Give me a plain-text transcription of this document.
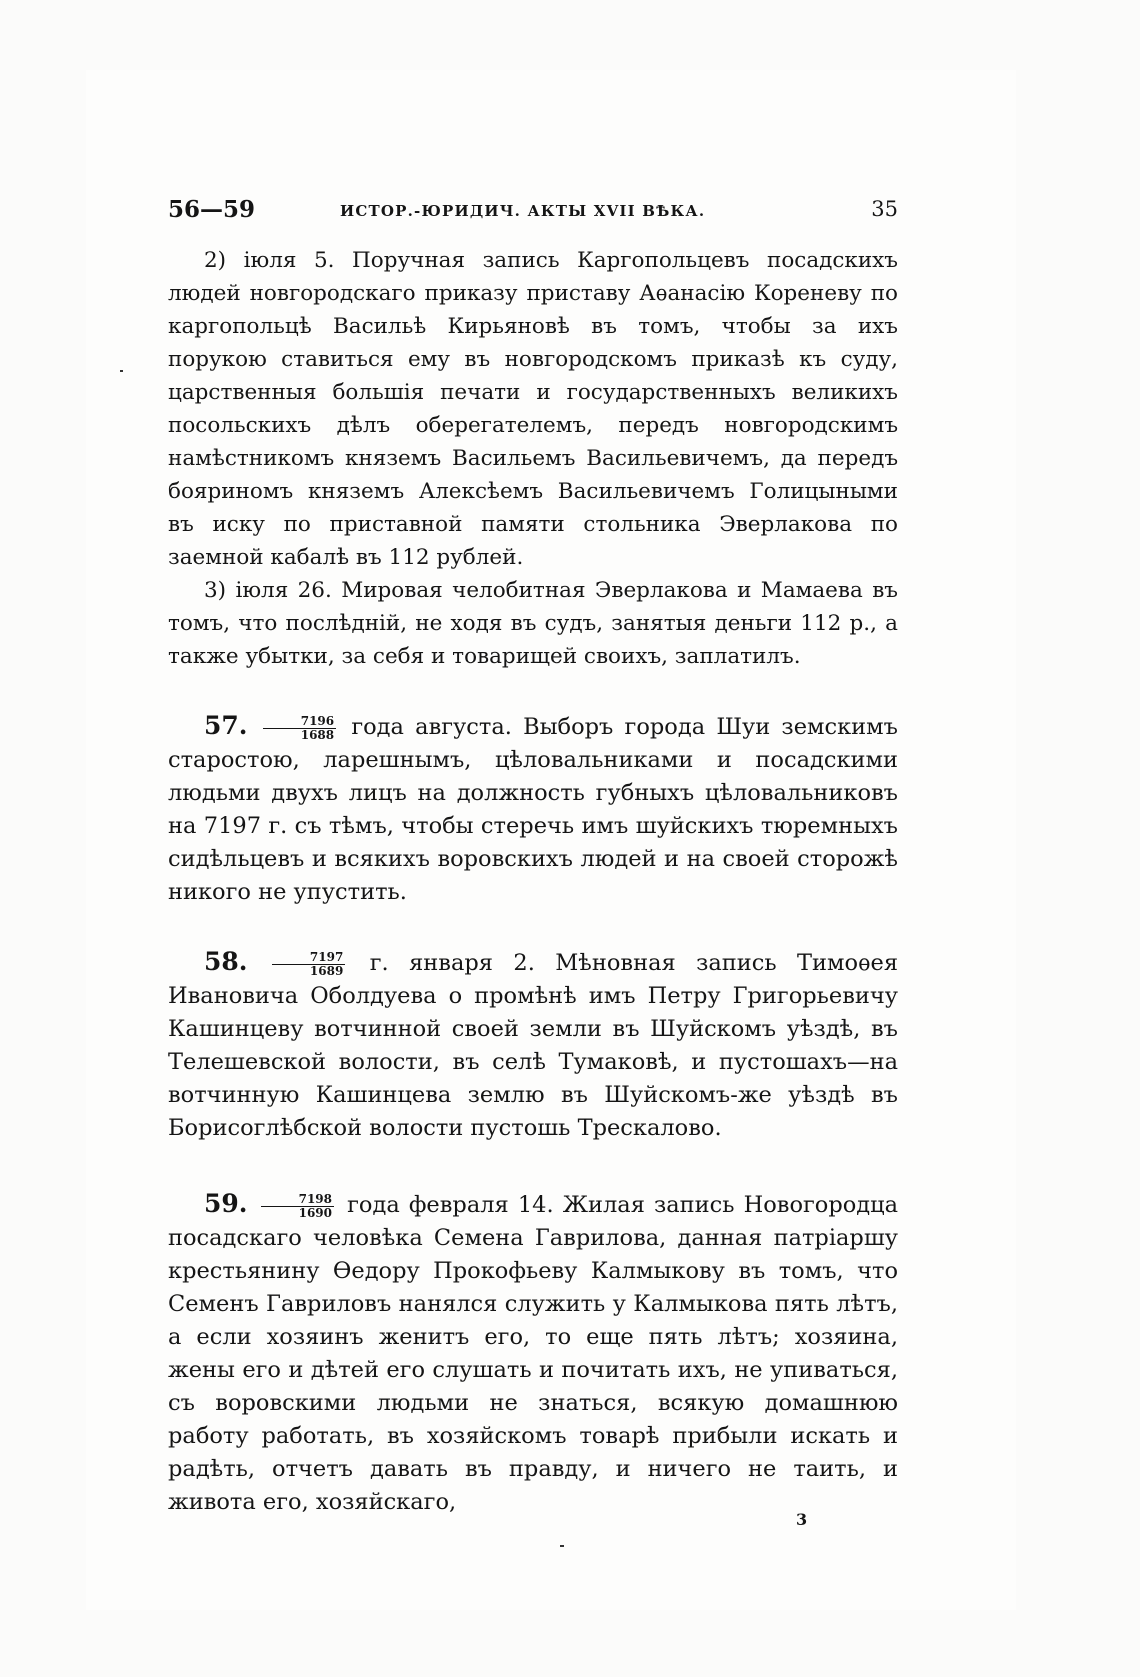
56—59	ИСТОР.-ЮРИДИЧ. АКТЫ XVII ВѢКА.	35

2) іюля 5. Поручная запись Каргопольцевъ посадскихъ людей новгородскаго приказу приставу Аѳанасію Кореневу по каргопольцѣ Васильѣ Кирьяновѣ въ томъ, чтобы за ихъ порукою ставиться ему въ новгородскомъ приказѣ къ суду, царственныя большія печати и государственныхъ великихъ посольскихъ дѣлъ оберегателемъ, передъ новгородскимъ намѣстникомъ княземъ Васильемъ Васильевичемъ, да передъ бояриномъ княземъ Алексѣемъ Васильевичемъ Голицыными въ иску по приставной памяти стольника Эверлакова по заемной кабалѣ въ 112 рублей.

3) іюля 26. Мировая челобитная Эверлакова и Мамаева въ томъ, что послѣдній, не ходя въ судъ, занятыя деньги 112 р., а также убытки, за себя и товарищей своихъ, заплатилъ.

57. $\frac{7196}{1688}$ года августа. Выборъ города Шуи земскимъ старостою, ларешнымъ, цѣловальниками и посадскими людьми двухъ лицъ на должность губныхъ цѣловальниковъ на 7197 г. съ тѣмъ, чтобы стеречь имъ шуйскихъ тюремныхъ сидѣльцевъ и всякихъ воровскихъ людей и на своей сторожѣ никого не упустить.

58. $\frac{7197}{1689} г$. января 2. Мѣновная запись Тимоѳея Ивановича Оболдуева о промѣнѣ имъ Петру Григорьевичу Кашинцеву вотчинной своей земли въ Шуйскомъ уѣздѣ, въ Телешевской волости, въ селѣ Тумаковѣ, и пустошахъ—на вотчинную Кашинцева землю въ Шуйскомъ-же уѣздѣ въ Борисоглѣбской волости пустошь Трескалово.

59. $\frac{7198}{1690}$ года февраля 14. Жилая запись Новогородца посадскаго человѣка Семена Гаврилова, данная патріаршу крестьянину Ѳедору Прокофьеву Калмыкову въ томъ, что Семенъ Гавриловъ нанялся служить у Калмыкова пять лѣтъ, а если хозяинъ женитъ его, то еще пять лѣтъ; хозяина, жены его и дѣтей его слушать и почитать ихъ, не упиваться, съ воровскими людьми не знаться, всякую домашнюю работу работать, въ хозяйскомъ товарѣ прибыли искать и радѣть, отчетъ давать въ правду, и ничего не таить, и живота его, хозяйскаго,

3
